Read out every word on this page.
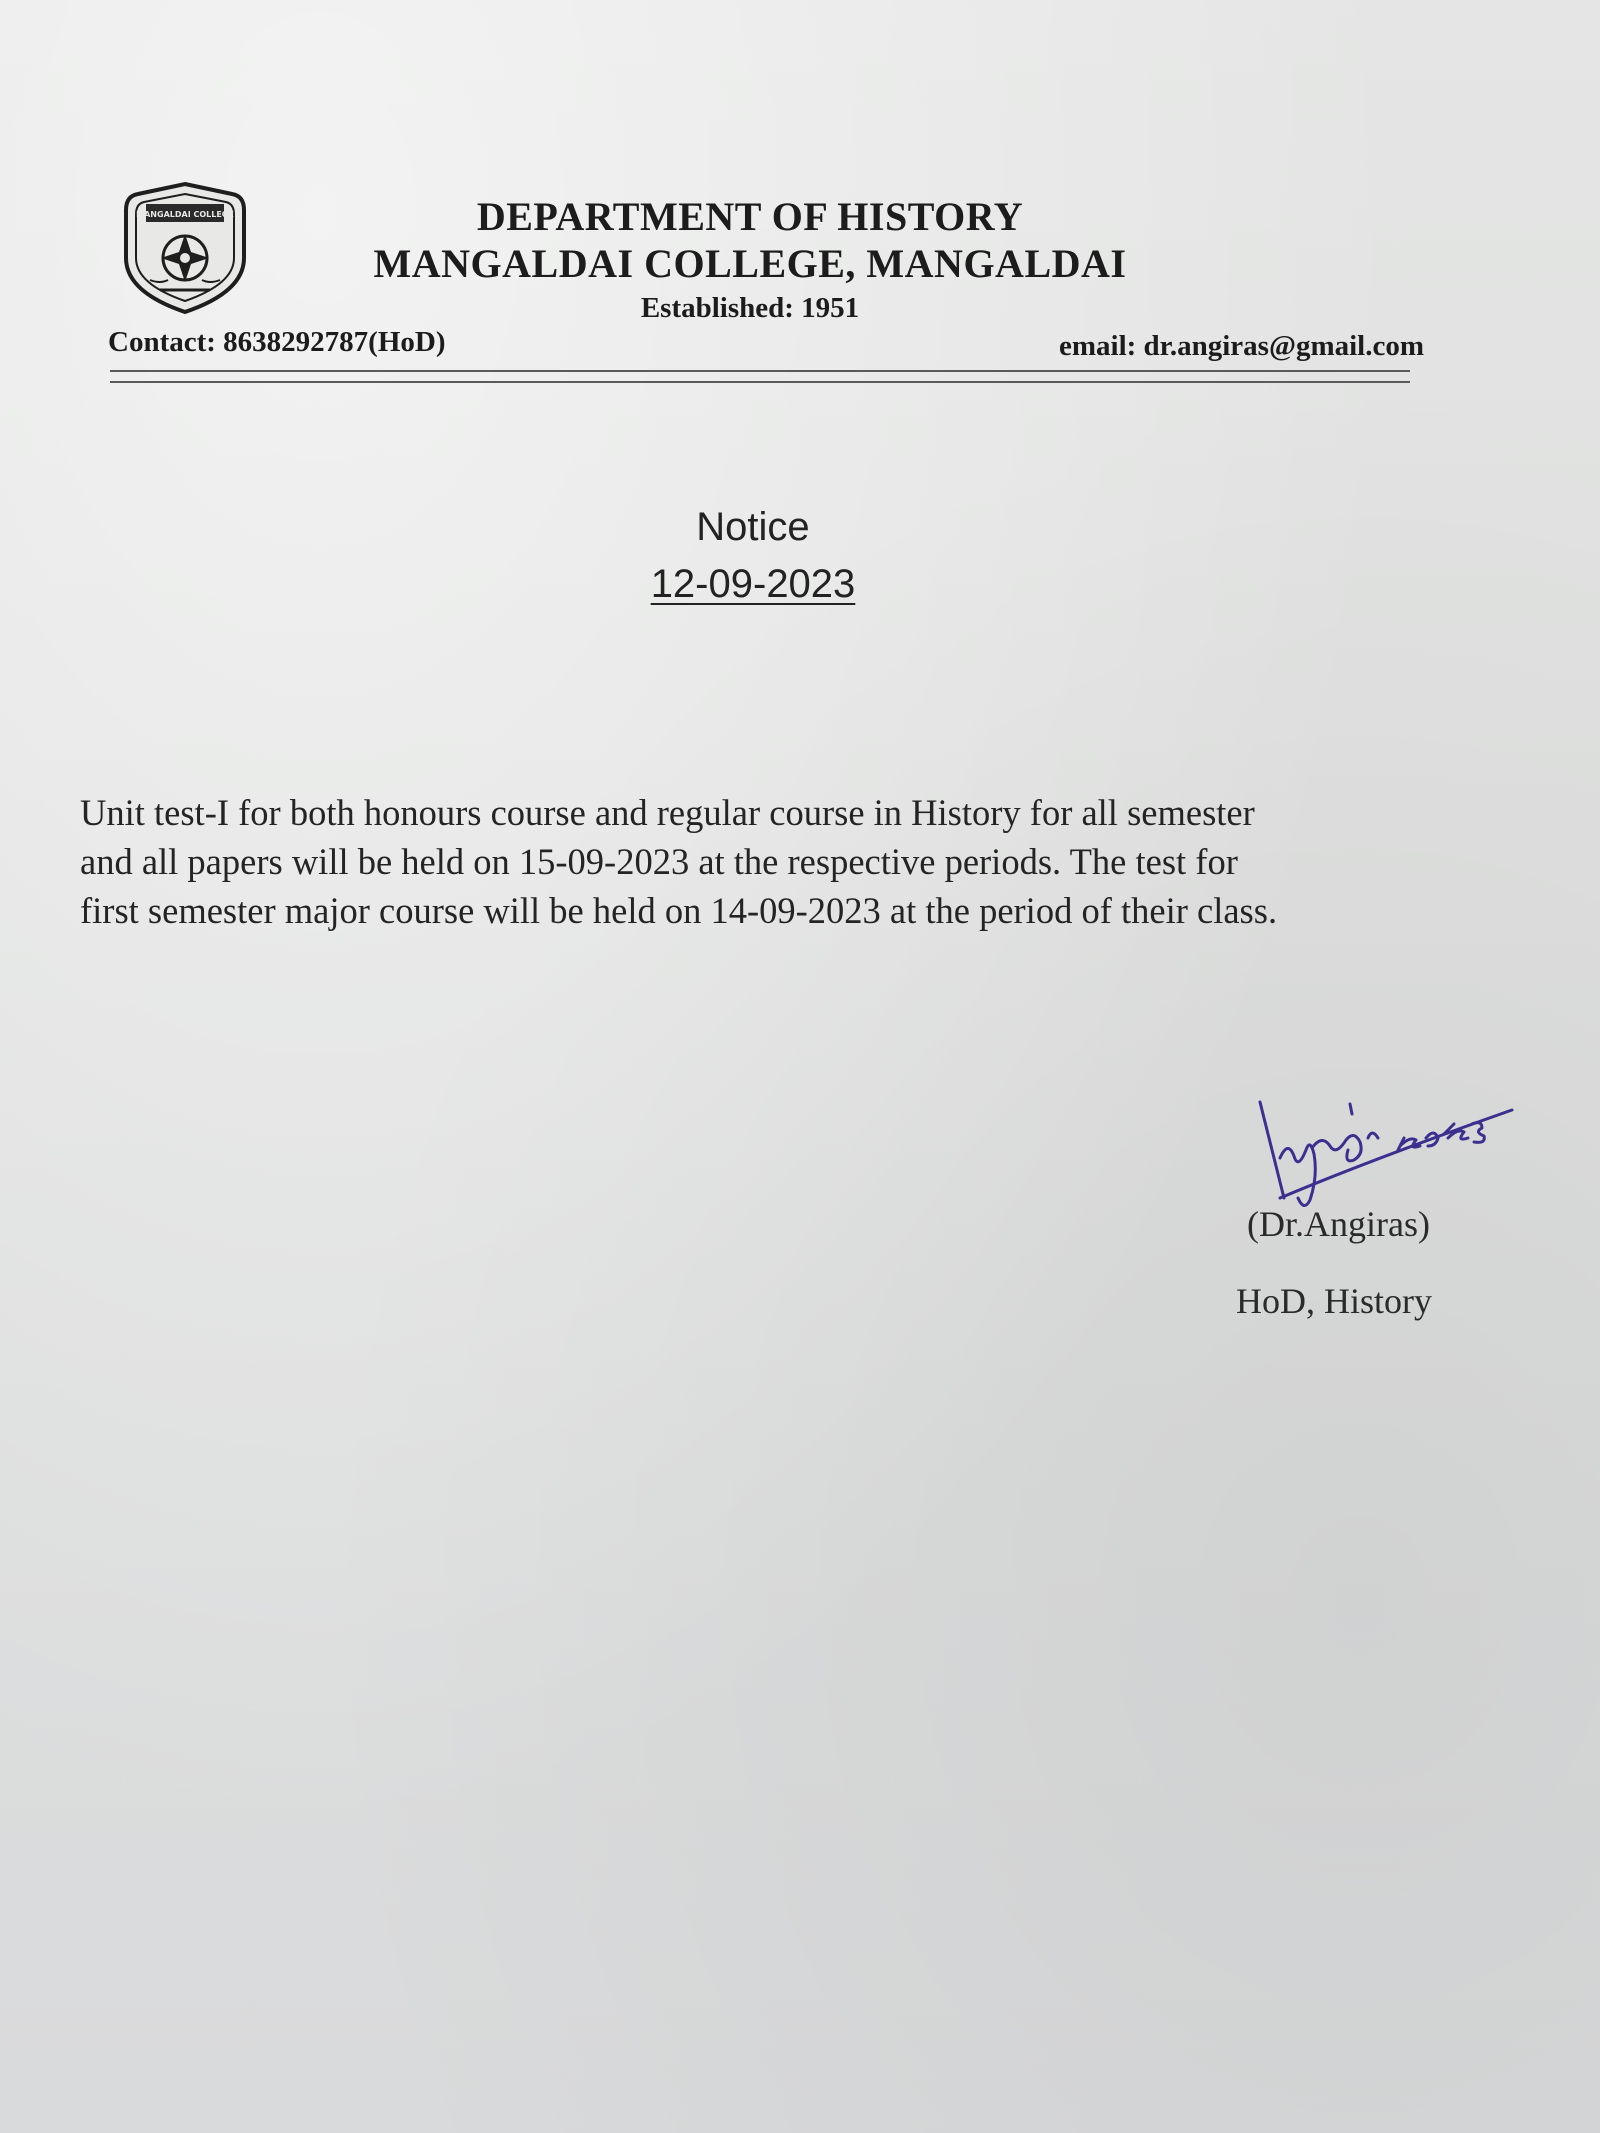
MANGALDAI COLLEGE	DEPARTMENT OF HISTORY
MANGALDAI COLLEGE, MANGALDAI
Established: 1951
Contact: 8638292787(HoD)	email: dr.angiras@gmail.com
Notice
12-09-2023
Unit test-I for both honours course and regular course in History for all semester
and all papers will be held on 15-09-2023 at the respective periods. The test for
first semester major course will be held on 14-09-2023 at the period of their class.
(Dr.Angiras)
HoD, History
